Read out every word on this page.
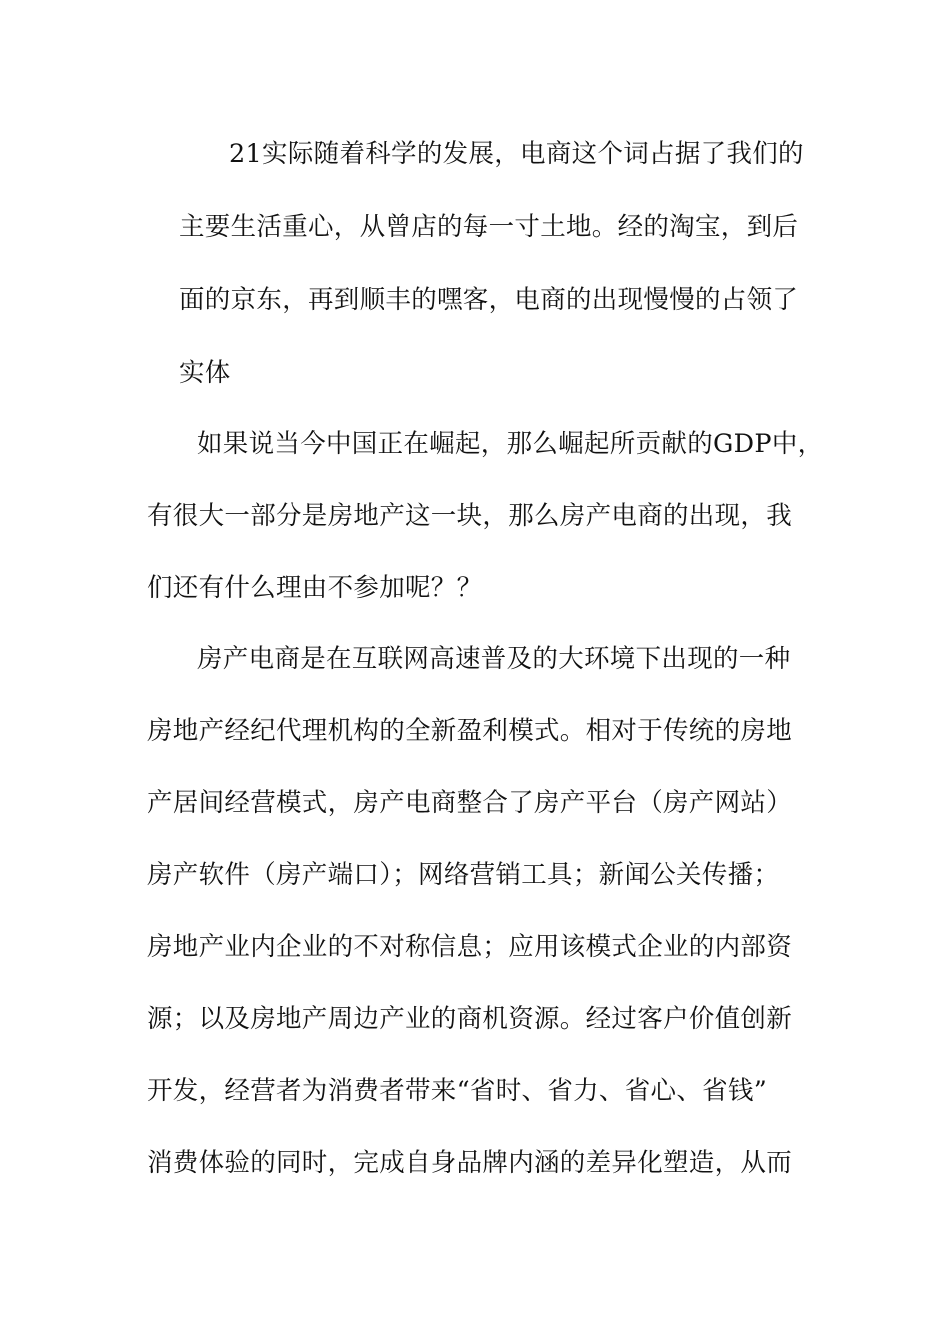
21实际随着科学的发展，电商这个词占据了我们的
主要生活重心，从曾店的每一寸土地。经的淘宝，到后
面的京东，再到顺丰的嘿客，电商的出现慢慢的占领了
实体
如果说当今中国正在崛起，那么崛起所贡献的GDP中，
有很大一部分是房地产这一块，那么房产电商的出现，我
们还有什么理由不参加呢？？
房产电商是在互联网高速普及的大环境下出现的一种
房地产经纪代理机构的全新盈利模式。相对于传统的房地
产居间经营模式，房产电商整合了房产平台（房产网站）
房产软件（房产端口）；网络营销工具；新闻公关传播；
房地产业内企业的不对称信息；应用该模式企业的内部资
源；以及房地产周边产业的商机资源。经过客户价值创新
开发，经营者为消费者带来“省时、省力、省心、省钱”
消费体验的同时，完成自身品牌内涵的差异化塑造，从而
